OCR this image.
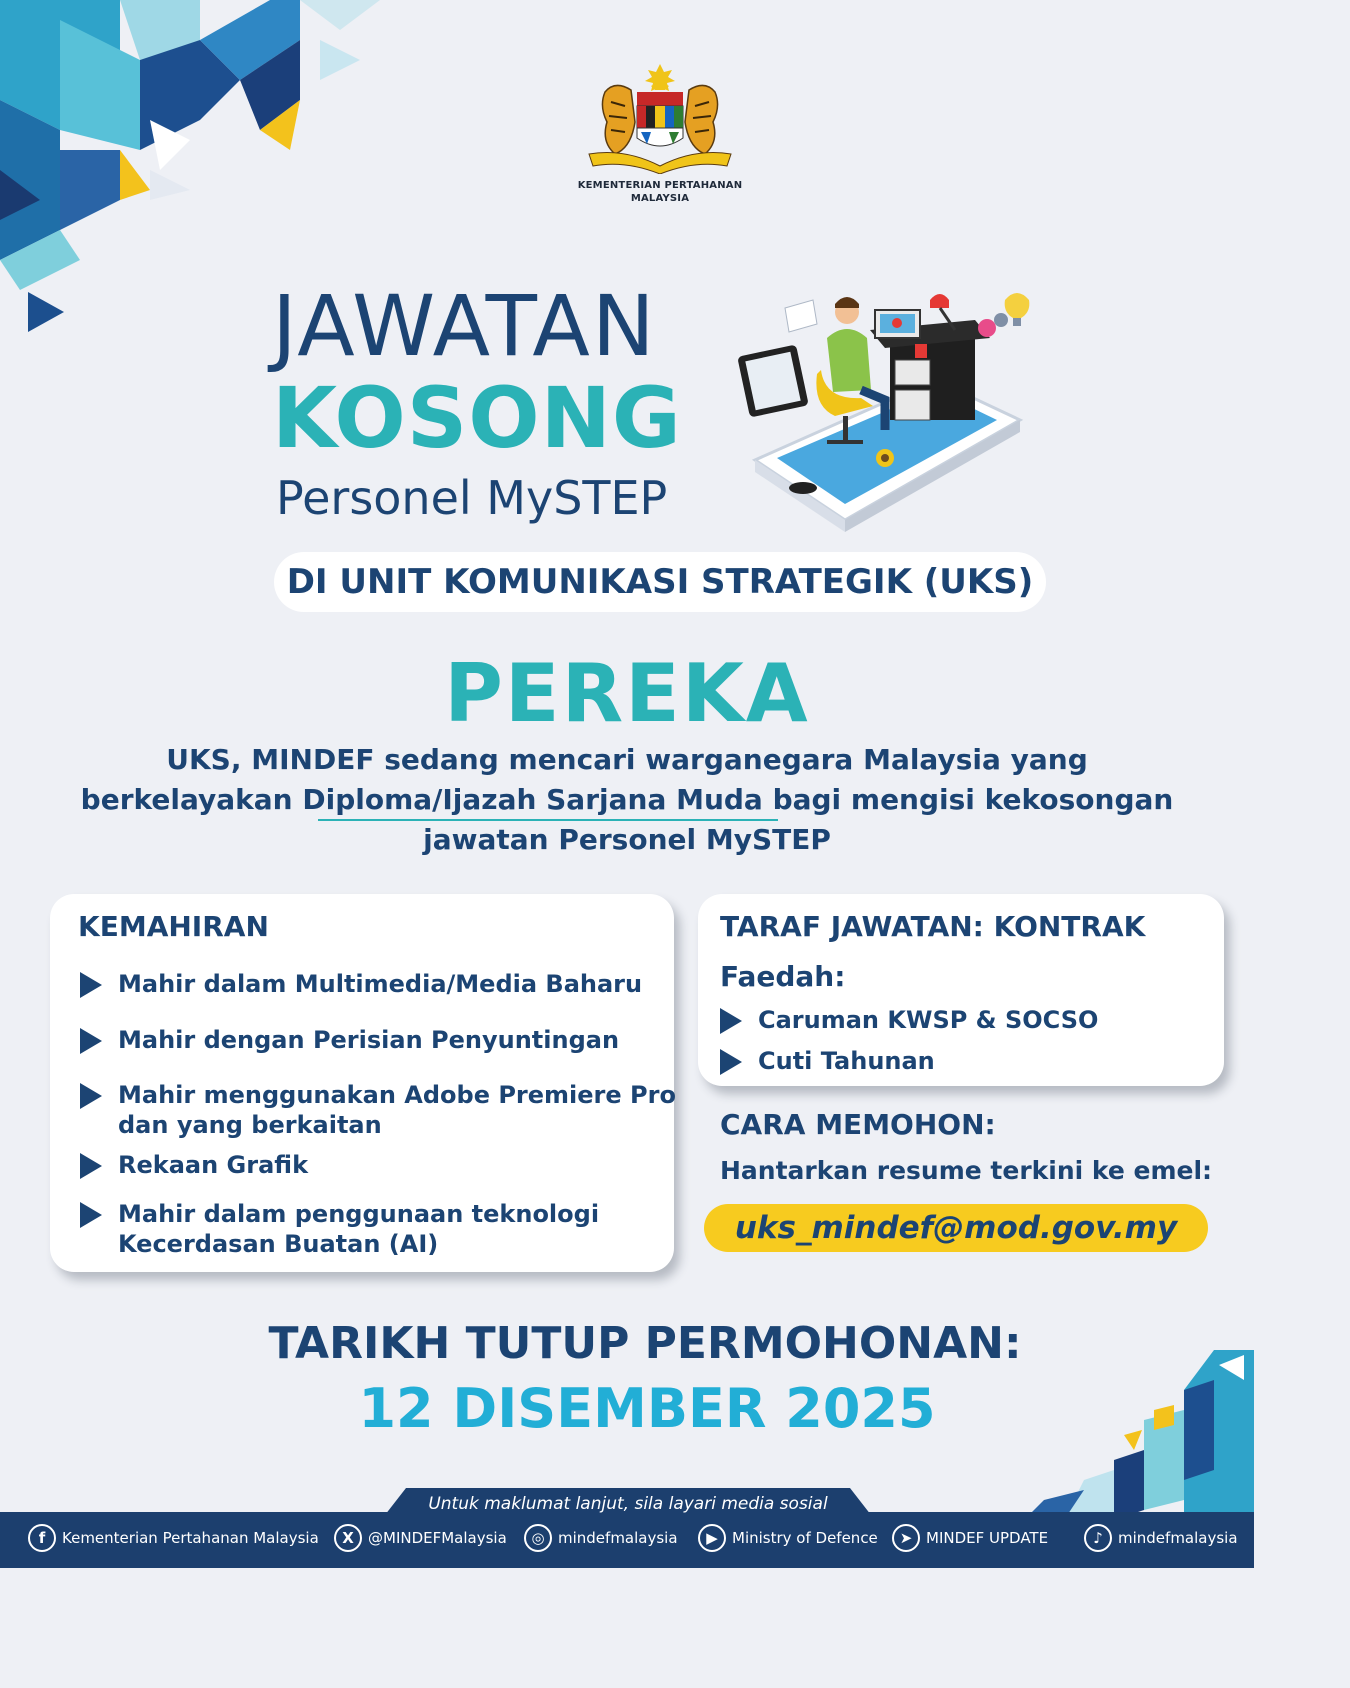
KEMENTERIAN PERTAHANAN
MALAYSIA
JAWATAN
KOSONG
Personel MySTEP
DI UNIT KOMUNIKASI STRATEGIK (UKS)
PEREKA
UKS, MINDEF sedang mencari warganegara Malaysia yang
berkelayakan Diploma/Ijazah Sarjana Muda bagi mengisi kekosongan
jawatan Personel MySTEP
KEMAHIRAN
Mahir dalam Multimedia/Media Baharu
Mahir dengan Perisian Penyuntingan
Mahir menggunakan Adobe Premiere Pro
dan yang berkaitan
Rekaan Grafik
Mahir dalam penggunaan teknologi
Kecerdasan Buatan (AI)
TARAF JAWATAN: KONTRAK
Faedah:
Caruman KWSP & SOCSO
Cuti Tahunan
CARA MEMOHON:
Hantarkan resume terkini ke emel:
uks_mindef@mod.gov.my
TARIKH TUTUP PERMOHONAN:
12 DISEMBER 2025
Untuk maklumat lanjut, sila layari media sosial
f	Kementerian Pertahanan Malaysia	X @MINDEFMalaysia	◎ mindefmalaysia	▶ Ministry of Defence	➤ MINDEF UPDATE	♪	mindefmalaysia
